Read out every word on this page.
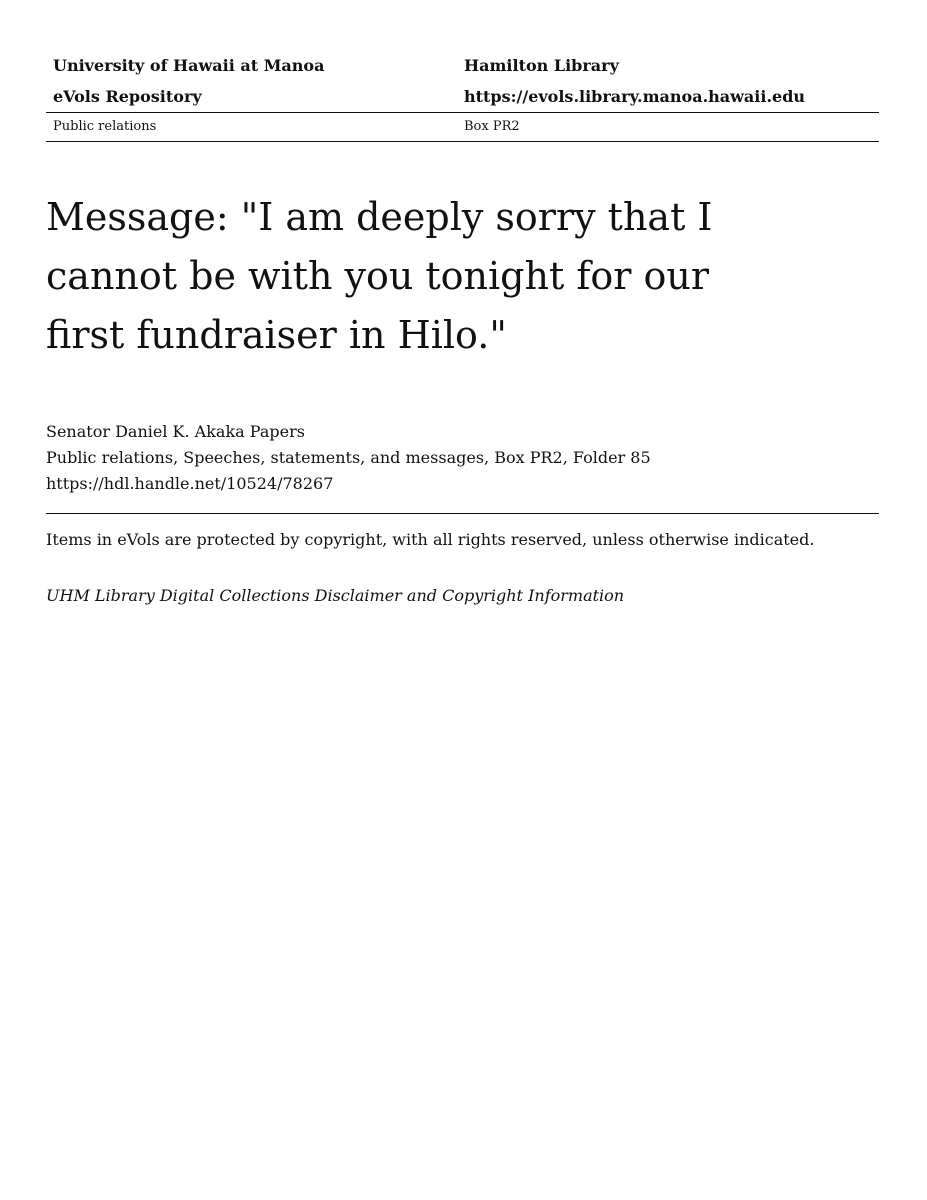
University of Hawaii at Manoa	Hamilton Library
eVols Repository	https://evols.library.manoa.hawaii.edu
Public relations	Box PR2
Message: "I am deeply sorry that I cannot be with you tonight for our first fundraiser in Hilo."
Senator Daniel K. Akaka Papers
Public relations, Speeches, statements, and messages, Box PR2, Folder 85
https://hdl.handle.net/10524/78267
Items in eVols are protected by copyright, with all rights reserved, unless otherwise indicated.
UHM Library Digital Collections Disclaimer and Copyright Information
